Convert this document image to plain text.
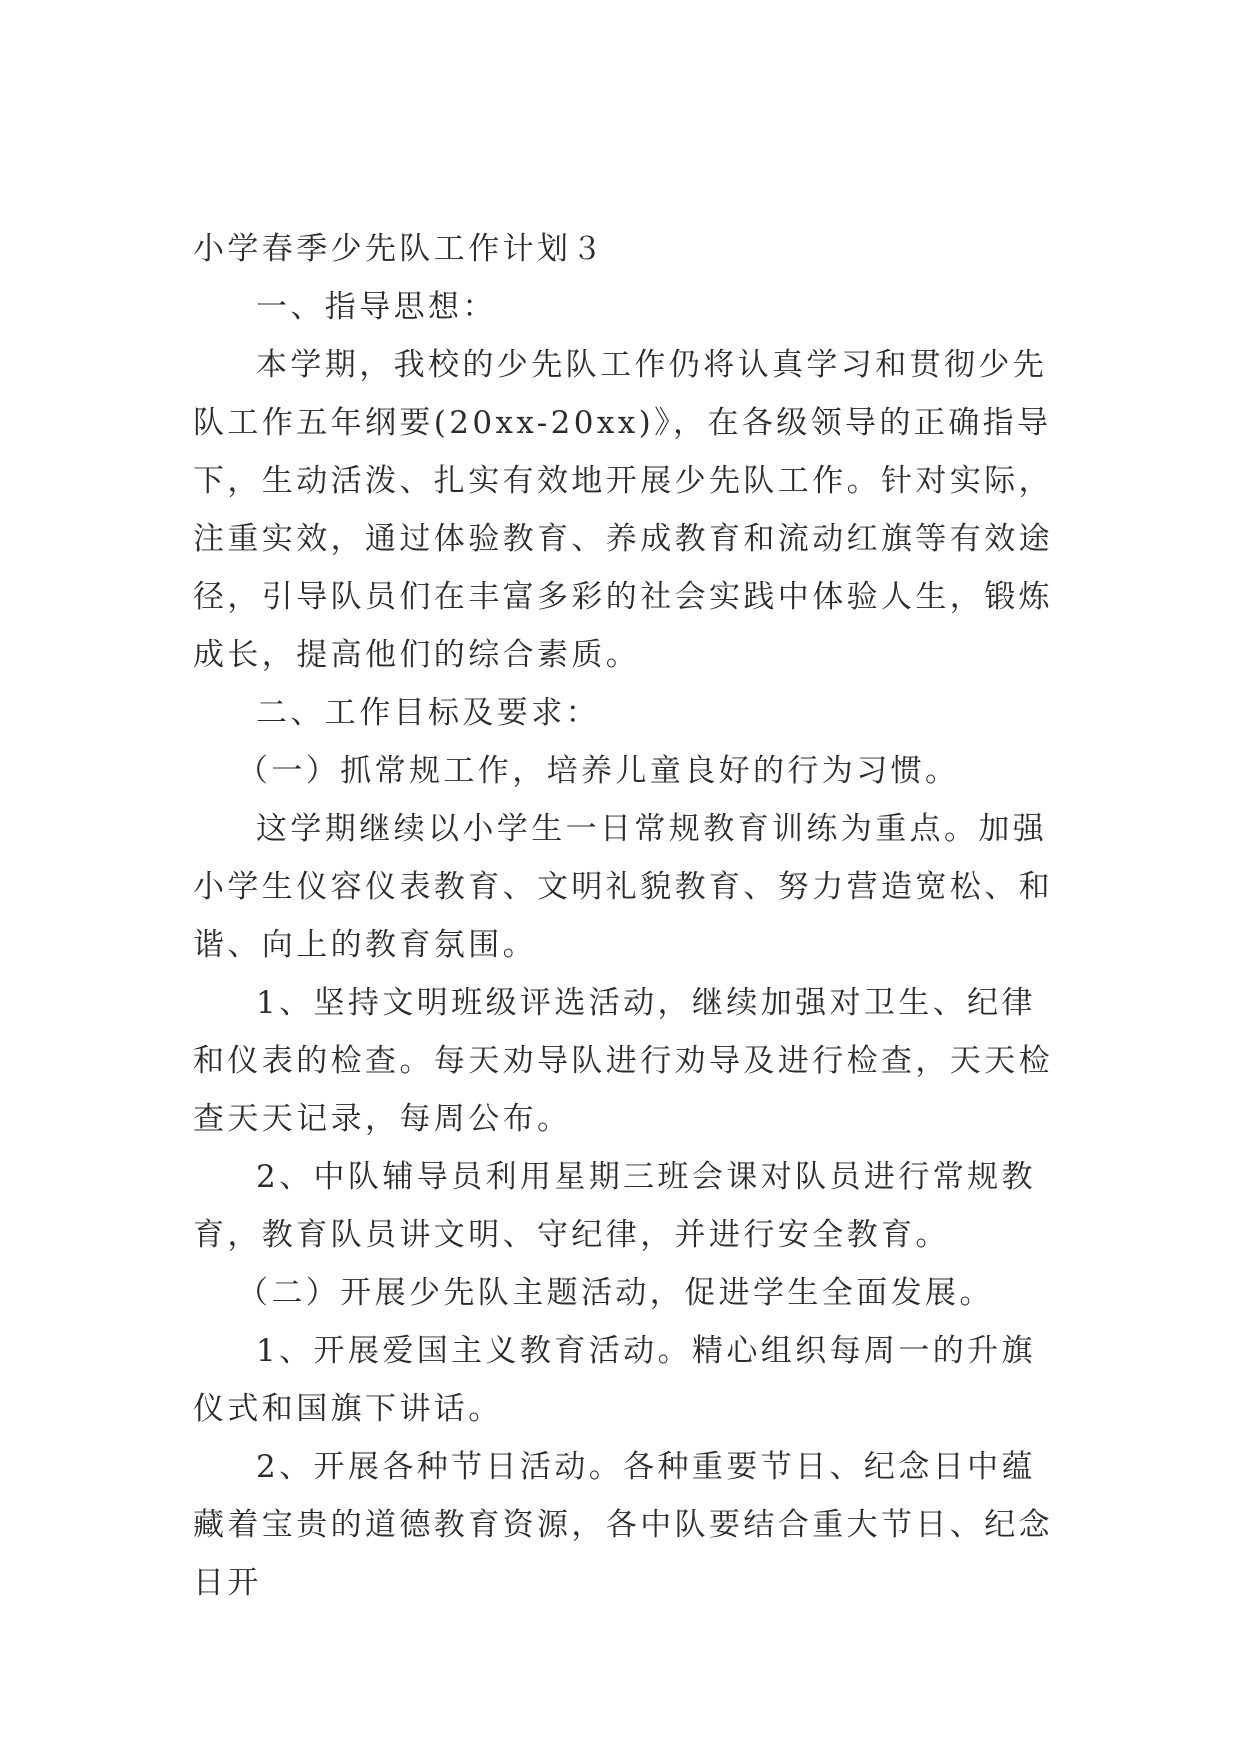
小学春季少先队工作计划３

一、指导思想：

本学期，我校的少先队工作仍将认真学习和贯彻少先队工作五年纲要(20xx-20xx)》，在各级领导的正确指导下，生动活泼、扎实有效地开展少先队工作。针对实际，注重实效，通过体验教育、养成教育和流动红旗等有效途径，引导队员们在丰富多彩的社会实践中体验人生，锻炼成长，提高他们的综合素质。

二、工作目标及要求：

（一）抓常规工作，培养儿童良好的行为习惯。

这学期继续以小学生一日常规教育训练为重点。加强小学生仪容仪表教育、文明礼貌教育、努力营造宽松、和谐、向上的教育氛围。

1、坚持文明班级评选活动，继续加强对卫生、纪律和仪表的检查。每天劝导队进行劝导及进行检查，天天检查天天记录，每周公布。

2、中队辅导员利用星期三班会课对队员进行常规教育，教育队员讲文明、守纪律，并进行安全教育。

（二）开展少先队主题活动，促进学生全面发展。

1、开展爱国主义教育活动。精心组织每周一的升旗仪式和国旗下讲话。

2、开展各种节日活动。各种重要节日、纪念日中蕴藏着宝贵的道德教育资源，各中队要结合重大节日、纪念日开
